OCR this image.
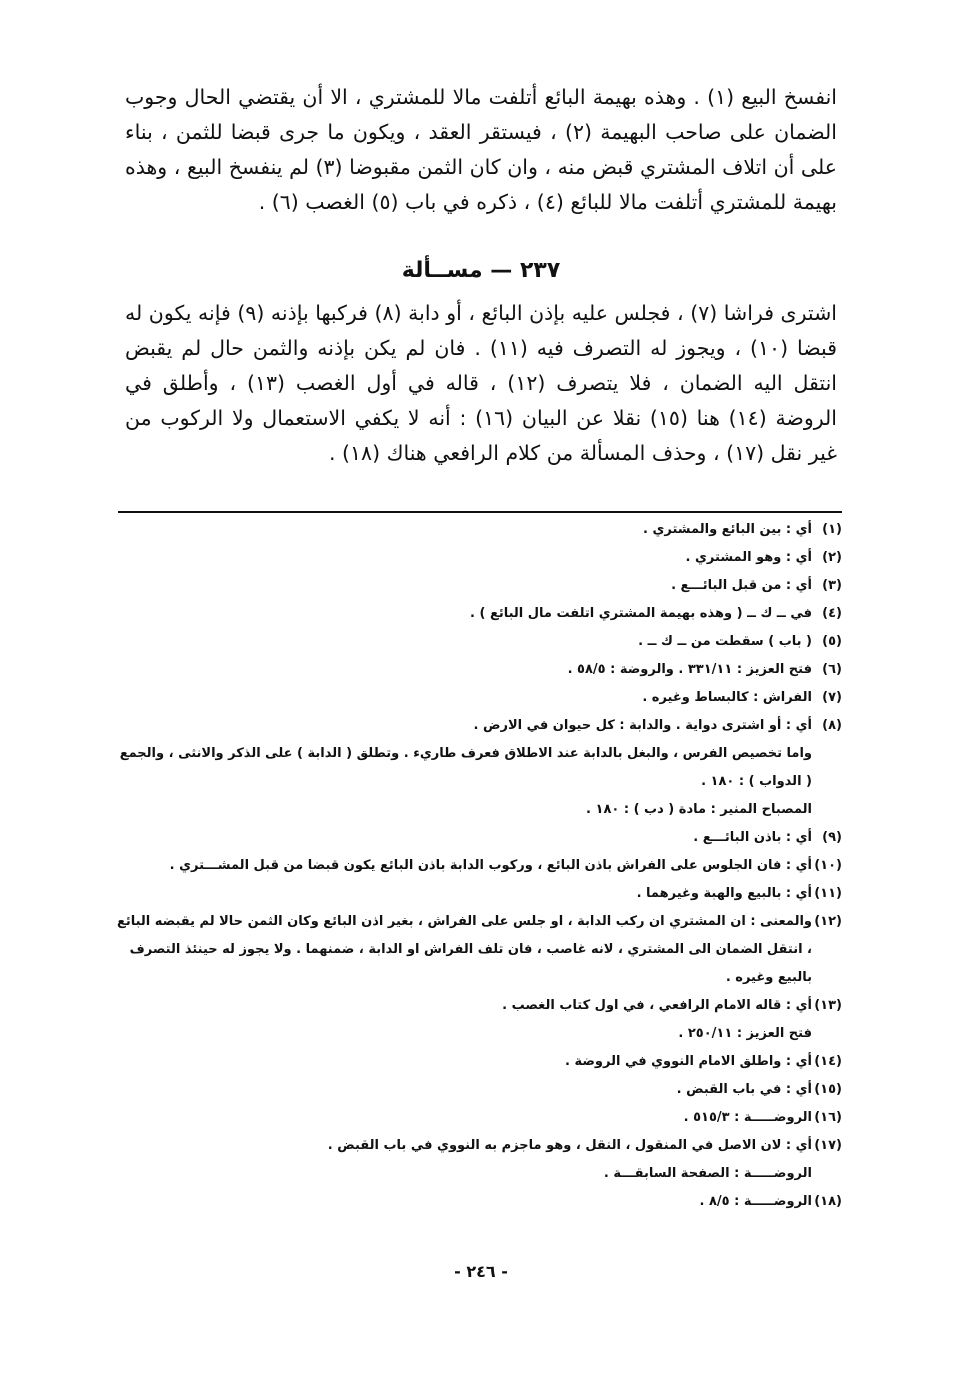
انفسخ البيع (١) . وهذه بهيمة البائع أتلفت مالا للمشتري ، الا أن يقتضي الحال وجوب الضمان على صاحب البهيمة (٢) ، فيستقر العقد ، ويكون ما جرى قبضا للثمن ، بناء على أن اتلاف المشتري قبض منه ، وان كان الثمن مقبوضا (٣) لم ينفسخ البيع ، وهذه بهيمة للمشتري أتلفت مالا للبائع (٤) ، ذكره في باب (٥) الغصب (٦) .

٢٣٧ — مســألة

اشترى فراشا (٧) ، فجلس عليه بإذن البائع ، أو دابة (٨) فركبها بإذنه (٩) فإنه يكون له قبضا (١٠) ، ويجوز له التصرف فيه (١١) . فان لم يكن بإذنه والثمن حال لم يقبض انتقل اليه الضمان ، فلا يتصرف (١٢) ، قاله في أول الغصب (١٣) ، وأطلق في الروضة (١٤) هنا (١٥) نقلا عن البيان (١٦) : أنه لا يكفي الاستعمال ولا الركوب من غير نقل (١٧) ، وحذف المسألة من كلام الرافعي هناك (١٨) .

(١)
أي : بين البائع والمشتري .
(٢)
أي : وهو المشتري .
(٣)
أي : من قبل البائـــع .
(٤)
في ــ ك ــ ( وهذه بهيمة المشتري اتلفت مال البائع ) .
(٥)
( باب ) سقطت من ــ ك ــ .
(٦)
فتح العزيز : ٣٣١/١١ . والروضة : ٥٨/٥ .
(٧)
الفراش : كالبساط وغيره .
(٨)
أي : أو اشترى دواية . والدابة : كل حيوان في الارض .
واما تخصيص الفرس ، والبغل بالدابة عند الاطلاق فعرف طاريء . وتطلق ( الدابة ) على الذكر والانثى ، والجمع ( الدواب ) : ١٨٠ .
المصباح المنير : مادة ( دب ) : ١٨٠ .
(٩)
أي : باذن البائـــع .
(١٠)
أي : فان الجلوس على الفراش باذن البائع ، وركوب الدابة باذن البائع يكون قبضا من قبل المشـــتري .
(١١)
أي : بالبيع والهبة وغيرهما .
(١٢)
والمعنى : ان المشتري ان ركب الدابة ، او جلس على الفراش ، بغير اذن البائع وكان الثمن حالا لم يقبضه البائع ، انتقل الضمان الى المشتري ، لانه غاصب ، فان تلف الفراش او الدابة ، ضمنهما . ولا يجوز له حينئذ التصرف بالبيع وغيره .
(١٣)
أي : قاله الامام الرافعي ، في اول كتاب الغصب .
فتح العزيز : ٢٥٠/١١ .
(١٤)
أي : واطلق الامام النووي في الروضة .
(١٥)
أي : في باب القبض .
(١٦)
الروضـــــة : ٥١٥/٣ .
(١٧)
أي : لان الاصل في المنقول ، النقل ، وهو ماجزم به النووي في باب القبض .
الروضـــــة : الصفحة السابقـــة .
(١٨)
الروضـــــة : ٨/٥ .
- ٢٤٦ -
